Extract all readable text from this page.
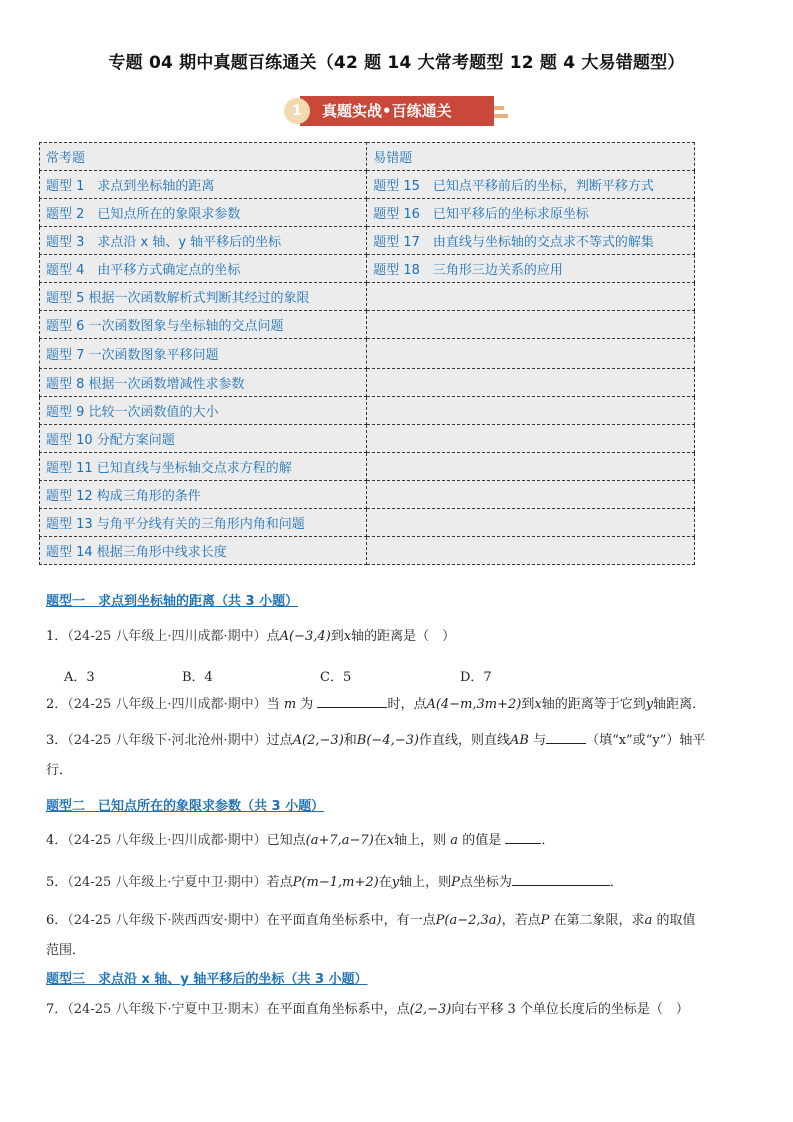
专题 04 期中真题百练通关（42 题 14 大常考题型 12 题 4 大易错题型）
1	真题实战•百练通关
常考题	易错题
题型 1　求点到坐标轴的距离	题型 15　已知点平移前后的坐标，判断平移方式
题型 2　已知点所在的象限求参数	题型 16　已知平移后的坐标求原坐标
题型 3　求点沿 x 轴、y 轴平移后的坐标	题型 17　由直线与坐标轴的交点求不等式的解集
题型 4　由平移方式确定点的坐标	题型 18　三角形三边关系的应用
题型 5 根据一次函数解析式判断其经过的象限	
题型 6 一次函数图象与坐标轴的交点问题	
题型 7 一次函数图象平移问题	
题型 8 根据一次函数增减性求参数	
题型 9 比较一次函数值的大小	
题型 10 分配方案问题	
题型 11 已知直线与坐标轴交点求方程的解	
题型 12 构成三角形的条件	
题型 13 与角平分线有关的三角形内角和问题	
题型 14 根据三角形中线求长度	
题型一　求点到坐标轴的距离（共 3 小题）
1．（24-25 八年级上·四川成都·期中）点A(−3,4)到x轴的距离是（　）
A．3	B．4	C．5	D．7
2．（24-25 八年级上·四川成都·期中）当 m 为	时，点A(4−m,3m+2)到x轴的距离等于它到y轴距离．
3．（24-25 八年级下·河北沧州·期中）过点A(2,−3)和B(−4,−3)作直线，则直线AB 与	（填“x”或“y”）轴平
行．
题型二　已知点所在的象限求参数（共 3 小题）
4．（24-25 八年级上·四川成都·期中）已知点(a+7,a−7)在x轴上，则 a 的值是	．
5．（24-25 八年级上·宁夏中卫·期中）若点P(m−1,m+2)在y轴上，则P点坐标为	．
6．（24-25 八年级下·陕西西安·期中）在平面直角坐标系中，有一点P(a−2,3a)，若点P 在第二象限，求a 的取值
范围．
题型三　求点沿 x 轴、y 轴平移后的坐标（共 3 小题）
7．（24-25 八年级下·宁夏中卫·期末）在平面直角坐标系中，点(2,−3)向右平移 3 个单位长度后的坐标是（　）
